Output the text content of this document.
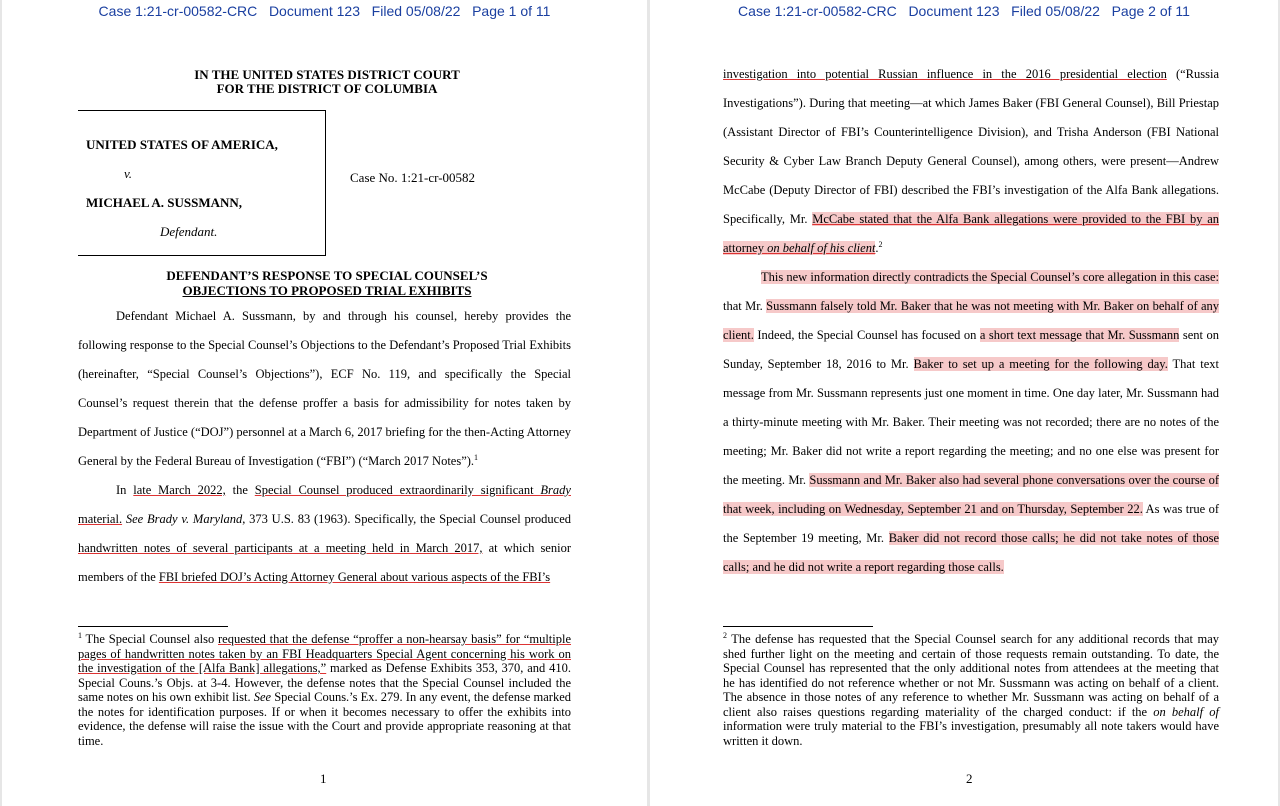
Case 1:21-cr-00582-CRC   Document 123   Filed 05/08/22   Page 1 of 11
IN THE UNITED STATES DISTRICT COURT
FOR THE DISTRICT OF COLUMBIA
UNITED STATES OF AMERICA,
v.
MICHAEL A. SUSSMANN,
Defendant.
Case No. 1:21-cr-00582
DEFENDANT’S RESPONSE TO SPECIAL COUNSEL’S
OBJECTIONS TO PROPOSED TRIAL EXHIBITS

Defendant Michael A. Sussmann, by and through his counsel, hereby provides the following response to the Special Counsel’s Objections to the Defendant’s Proposed Trial Exhibits (hereinafter, “Special Counsel’s Objections”), ECF No. 119, and specifically the Special Counsel’s request therein that the defense proffer a basis for admissibility for notes taken by Department of Justice (“DOJ”) personnel at a March 6, 2017 briefing for the then-Acting Attorney General by the Federal Bureau of Investigation (“FBI”) (“March 2017 Notes”).$^1$

In late March 2022, the Special Counsel produced extraordinarily significant Brady material. See Brady v. Maryland, 373 U.S. 83 (1963). Specifically, the Special Counsel produced handwritten notes of several participants at a meeting held in March 2017, at which senior members of the FBI briefed DOJ’s Acting Attorney General about various aspects of the FBI’s

$^1$ The Special Counsel also requested that the defense “proffer a non-hearsay basis” for “multiple pages of handwritten notes taken by an FBI Headquarters Special Agent concerning his work on the investigation of the [Alfa Bank] allegations,” marked as Defense Exhibits 353, 370, and 410. Special Couns.’s Objs. at 3-4. However, the defense notes that the Special Counsel included the same notes on his own exhibit list. See Special Couns.’s Ex. 279. In any event, the defense marked the notes for identification purposes. If or when it becomes necessary to offer the exhibits into evidence, the defense will raise the issue with the Court and provide appropriate reasoning at that time.
1
Case 1:21-cr-00582-CRC   Document 123   Filed 05/08/22   Page 2 of 11

investigation into potential Russian influence in the 2016 presidential election (“Russia Investigations”). During that meeting—at which James Baker (FBI General Counsel), Bill Priestap (Assistant Director of FBI’s Counterintelligence Division), and Trisha Anderson (FBI National Security & Cyber Law Branch Deputy General Counsel), among others, were present—Andrew McCabe (Deputy Director of FBI) described the FBI’s investigation of the Alfa Bank allegations. Specifically, Mr. McCabe stated that the Alfa Bank allegations were provided to the FBI by an attorney on behalf of his client.$^2$

This new information directly contradicts the Special Counsel’s core allegation in this case: that Mr. Sussmann falsely told Mr. Baker that he was not meeting with Mr. Baker on behalf of any client. Indeed, the Special Counsel has focused on a short text message that Mr. Sussmann sent on Sunday, September 18, 2016 to Mr. Baker to set up a meeting for the following day. That text message from Mr. Sussmann represents just one moment in time. One day later, Mr. Sussmann had a thirty-minute meeting with Mr. Baker. Their meeting was not recorded; there are no notes of the meeting; Mr. Baker did not write a report regarding the meeting; and no one else was present for the meeting. Mr. Sussmann and Mr. Baker also had several phone conversations over the course of that week, including on Wednesday, September 21 and on Thursday, September 22. As was true of the September 19 meeting, Mr. Baker did not record those calls; he did not take notes of those calls; and he did not write a report regarding those calls.

$^2$ The defense has requested that the Special Counsel search for any additional records that may shed further light on the meeting and certain of those requests remain outstanding. To date, the Special Counsel has represented that the only additional notes from attendees at the meeting that he has identified do not reference whether or not Mr. Sussmann was acting on behalf of a client. The absence in those notes of any reference to whether Mr. Sussmann was acting on behalf of a client also raises questions regarding materiality of the charged conduct: if the on behalf of information were truly material to the FBI’s investigation, presumably all note takers would have written it down.
2
